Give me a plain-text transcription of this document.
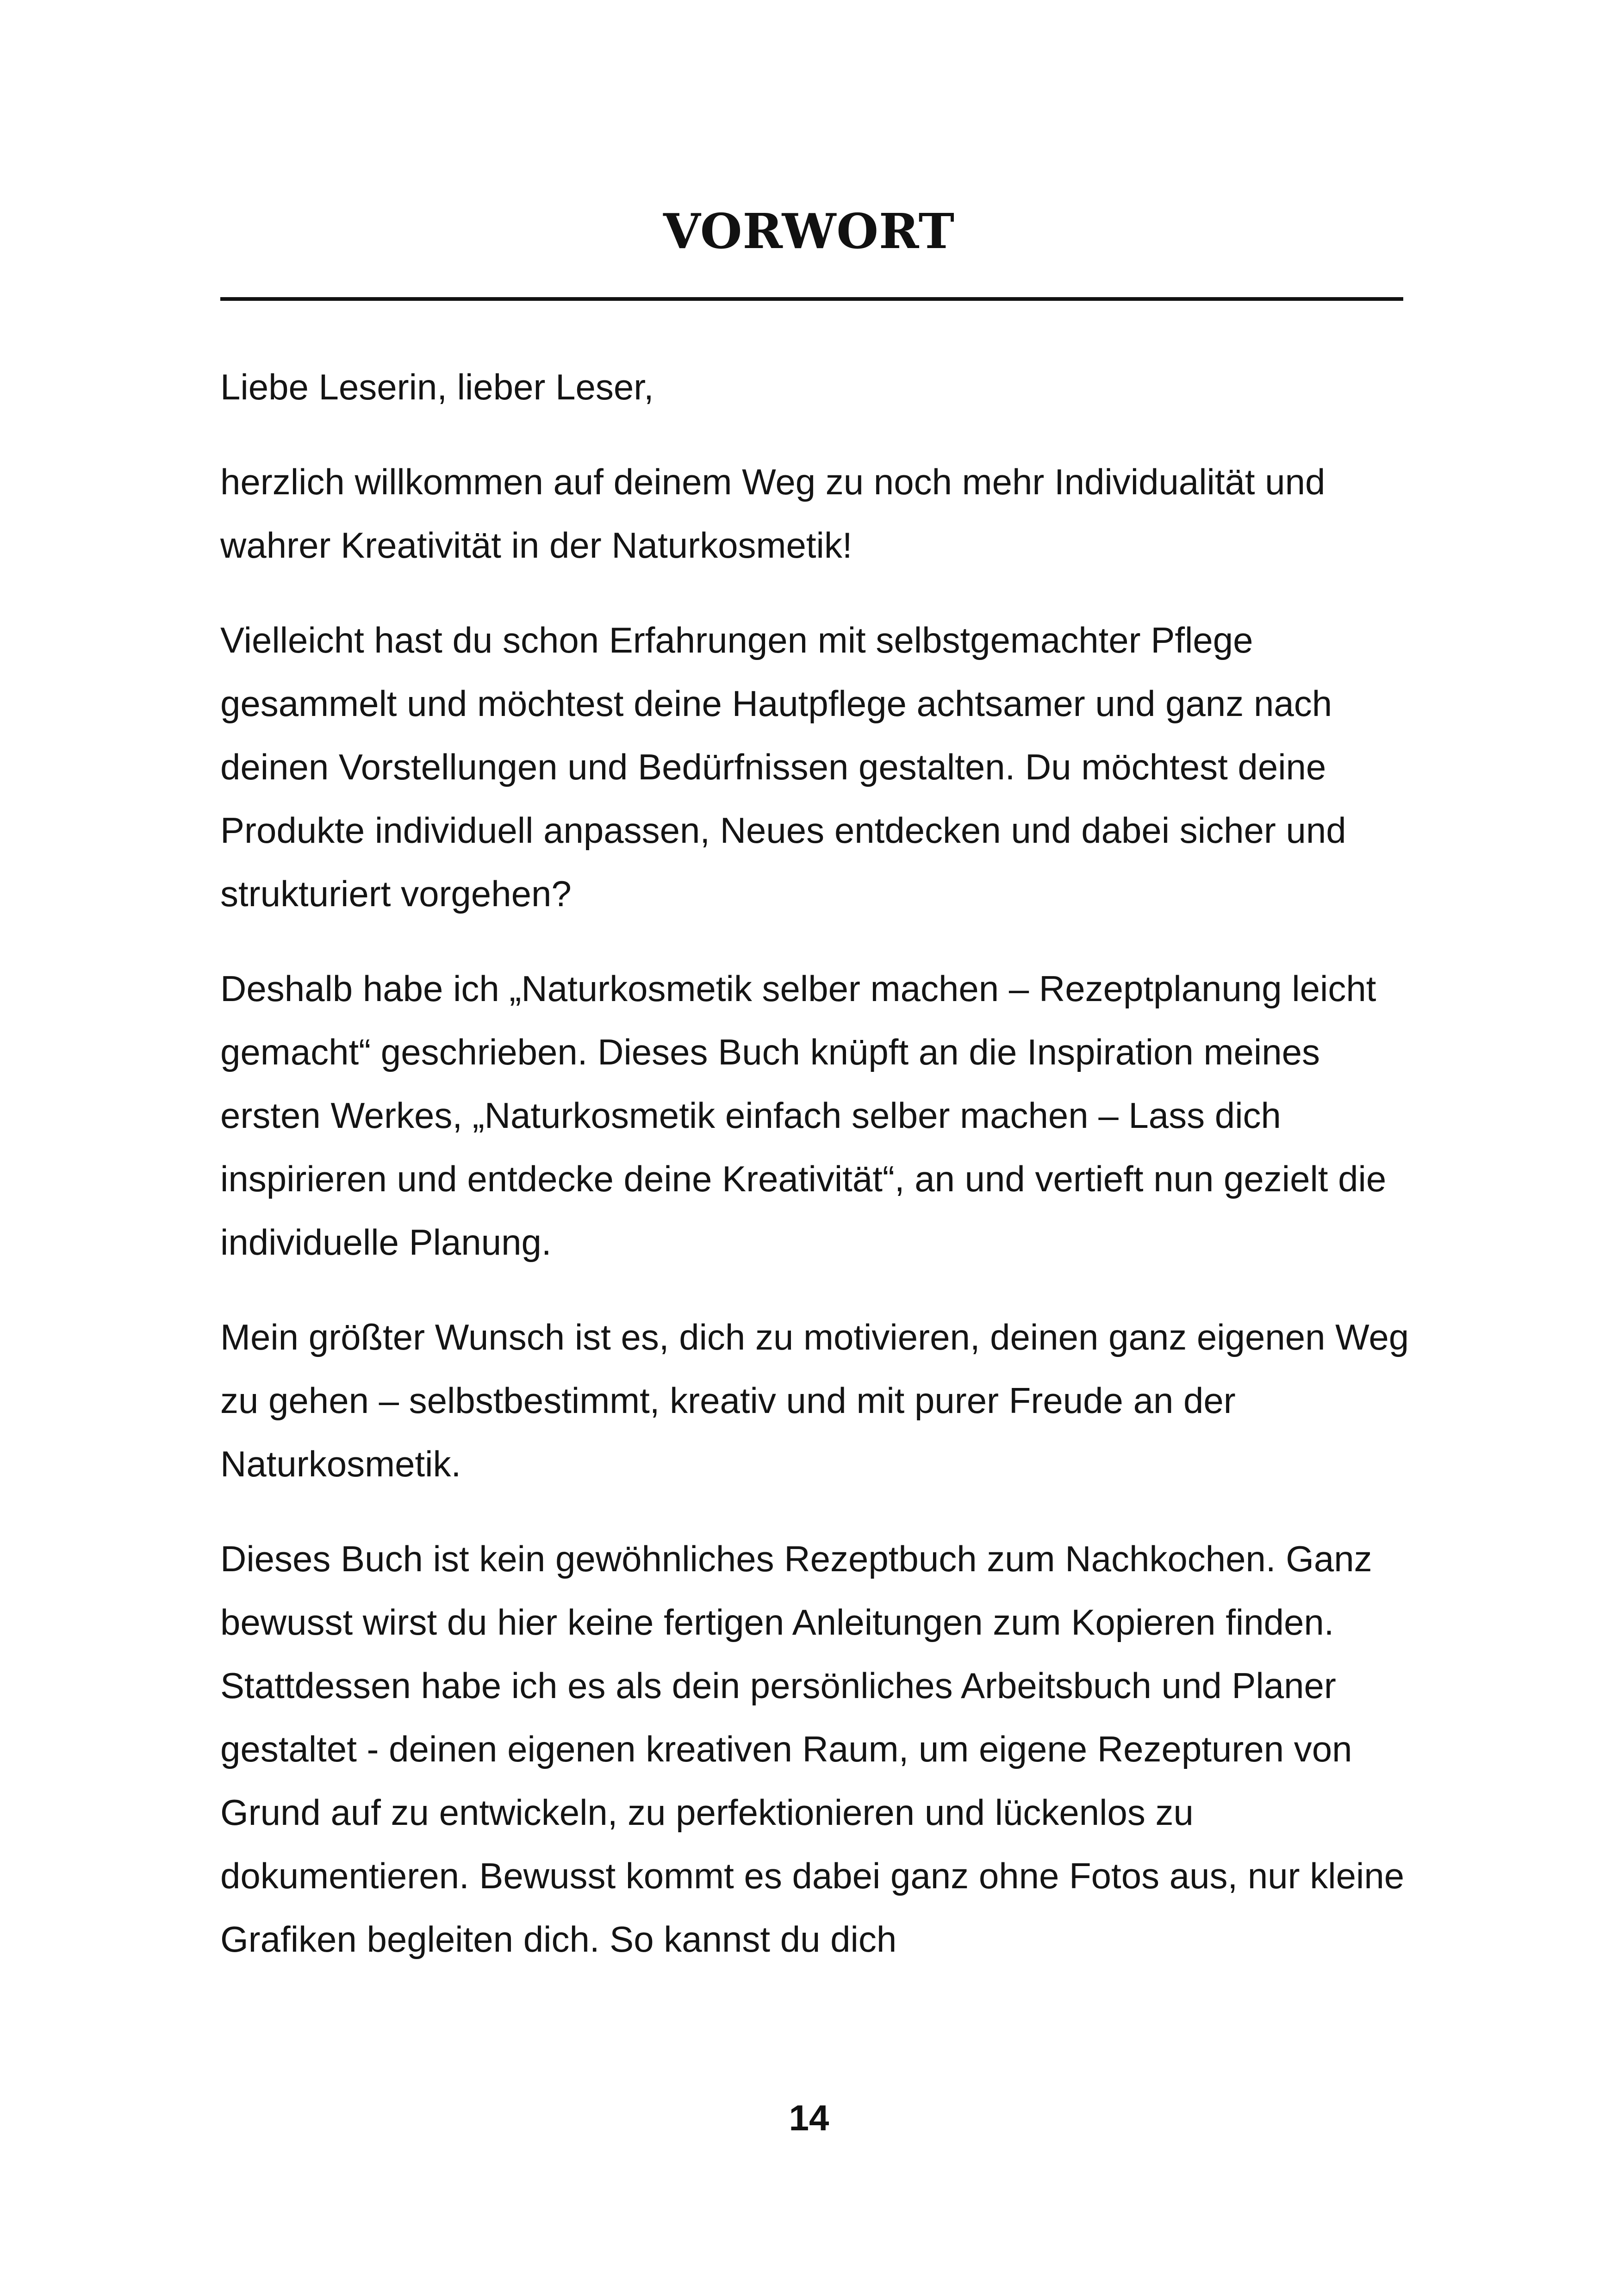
VORWORT

Liebe Leserin, lieber Leser,

herzlich willkommen auf deinem Weg zu noch mehr Individualität und wahrer Kreativität in der Naturkosmetik!

Vielleicht hast du schon Erfahrungen mit selbstgemachter Pflege gesammelt und möchtest deine Hautpflege achtsamer und ganz nach deinen Vorstellungen und Bedürfnissen gestalten. Du möchtest deine Produkte individuell anpassen, Neues entdecken und dabei sicher und strukturiert vorgehen?

Deshalb habe ich „Naturkosmetik selber machen – Rezeptplanung leicht gemacht“ geschrieben. Dieses Buch knüpft an die Inspiration meines ersten Werkes, „Naturkosmetik einfach selber machen – Lass dich inspirieren und entdecke deine Kreativität“, an und vertieft nun gezielt die individuelle Planung.

Mein größter Wunsch ist es, dich zu motivieren, deinen ganz eigenen Weg zu gehen – selbstbestimmt, kreativ und mit purer Freude an der Naturkosmetik.

Dieses Buch ist kein gewöhnliches Rezeptbuch zum Nachkochen. Ganz bewusst wirst du hier keine fertigen Anleitungen zum Kopieren finden. Stattdessen habe ich es als dein persönliches Arbeitsbuch und Planer gestaltet - deinen eigenen kreativen Raum, um eigene Rezepturen von Grund auf zu entwickeln, zu perfektionieren und lückenlos zu dokumentieren. Bewusst kommt es dabei ganz ohne Fotos aus, nur kleine Grafiken begleiten dich. So kannst du dich

14
